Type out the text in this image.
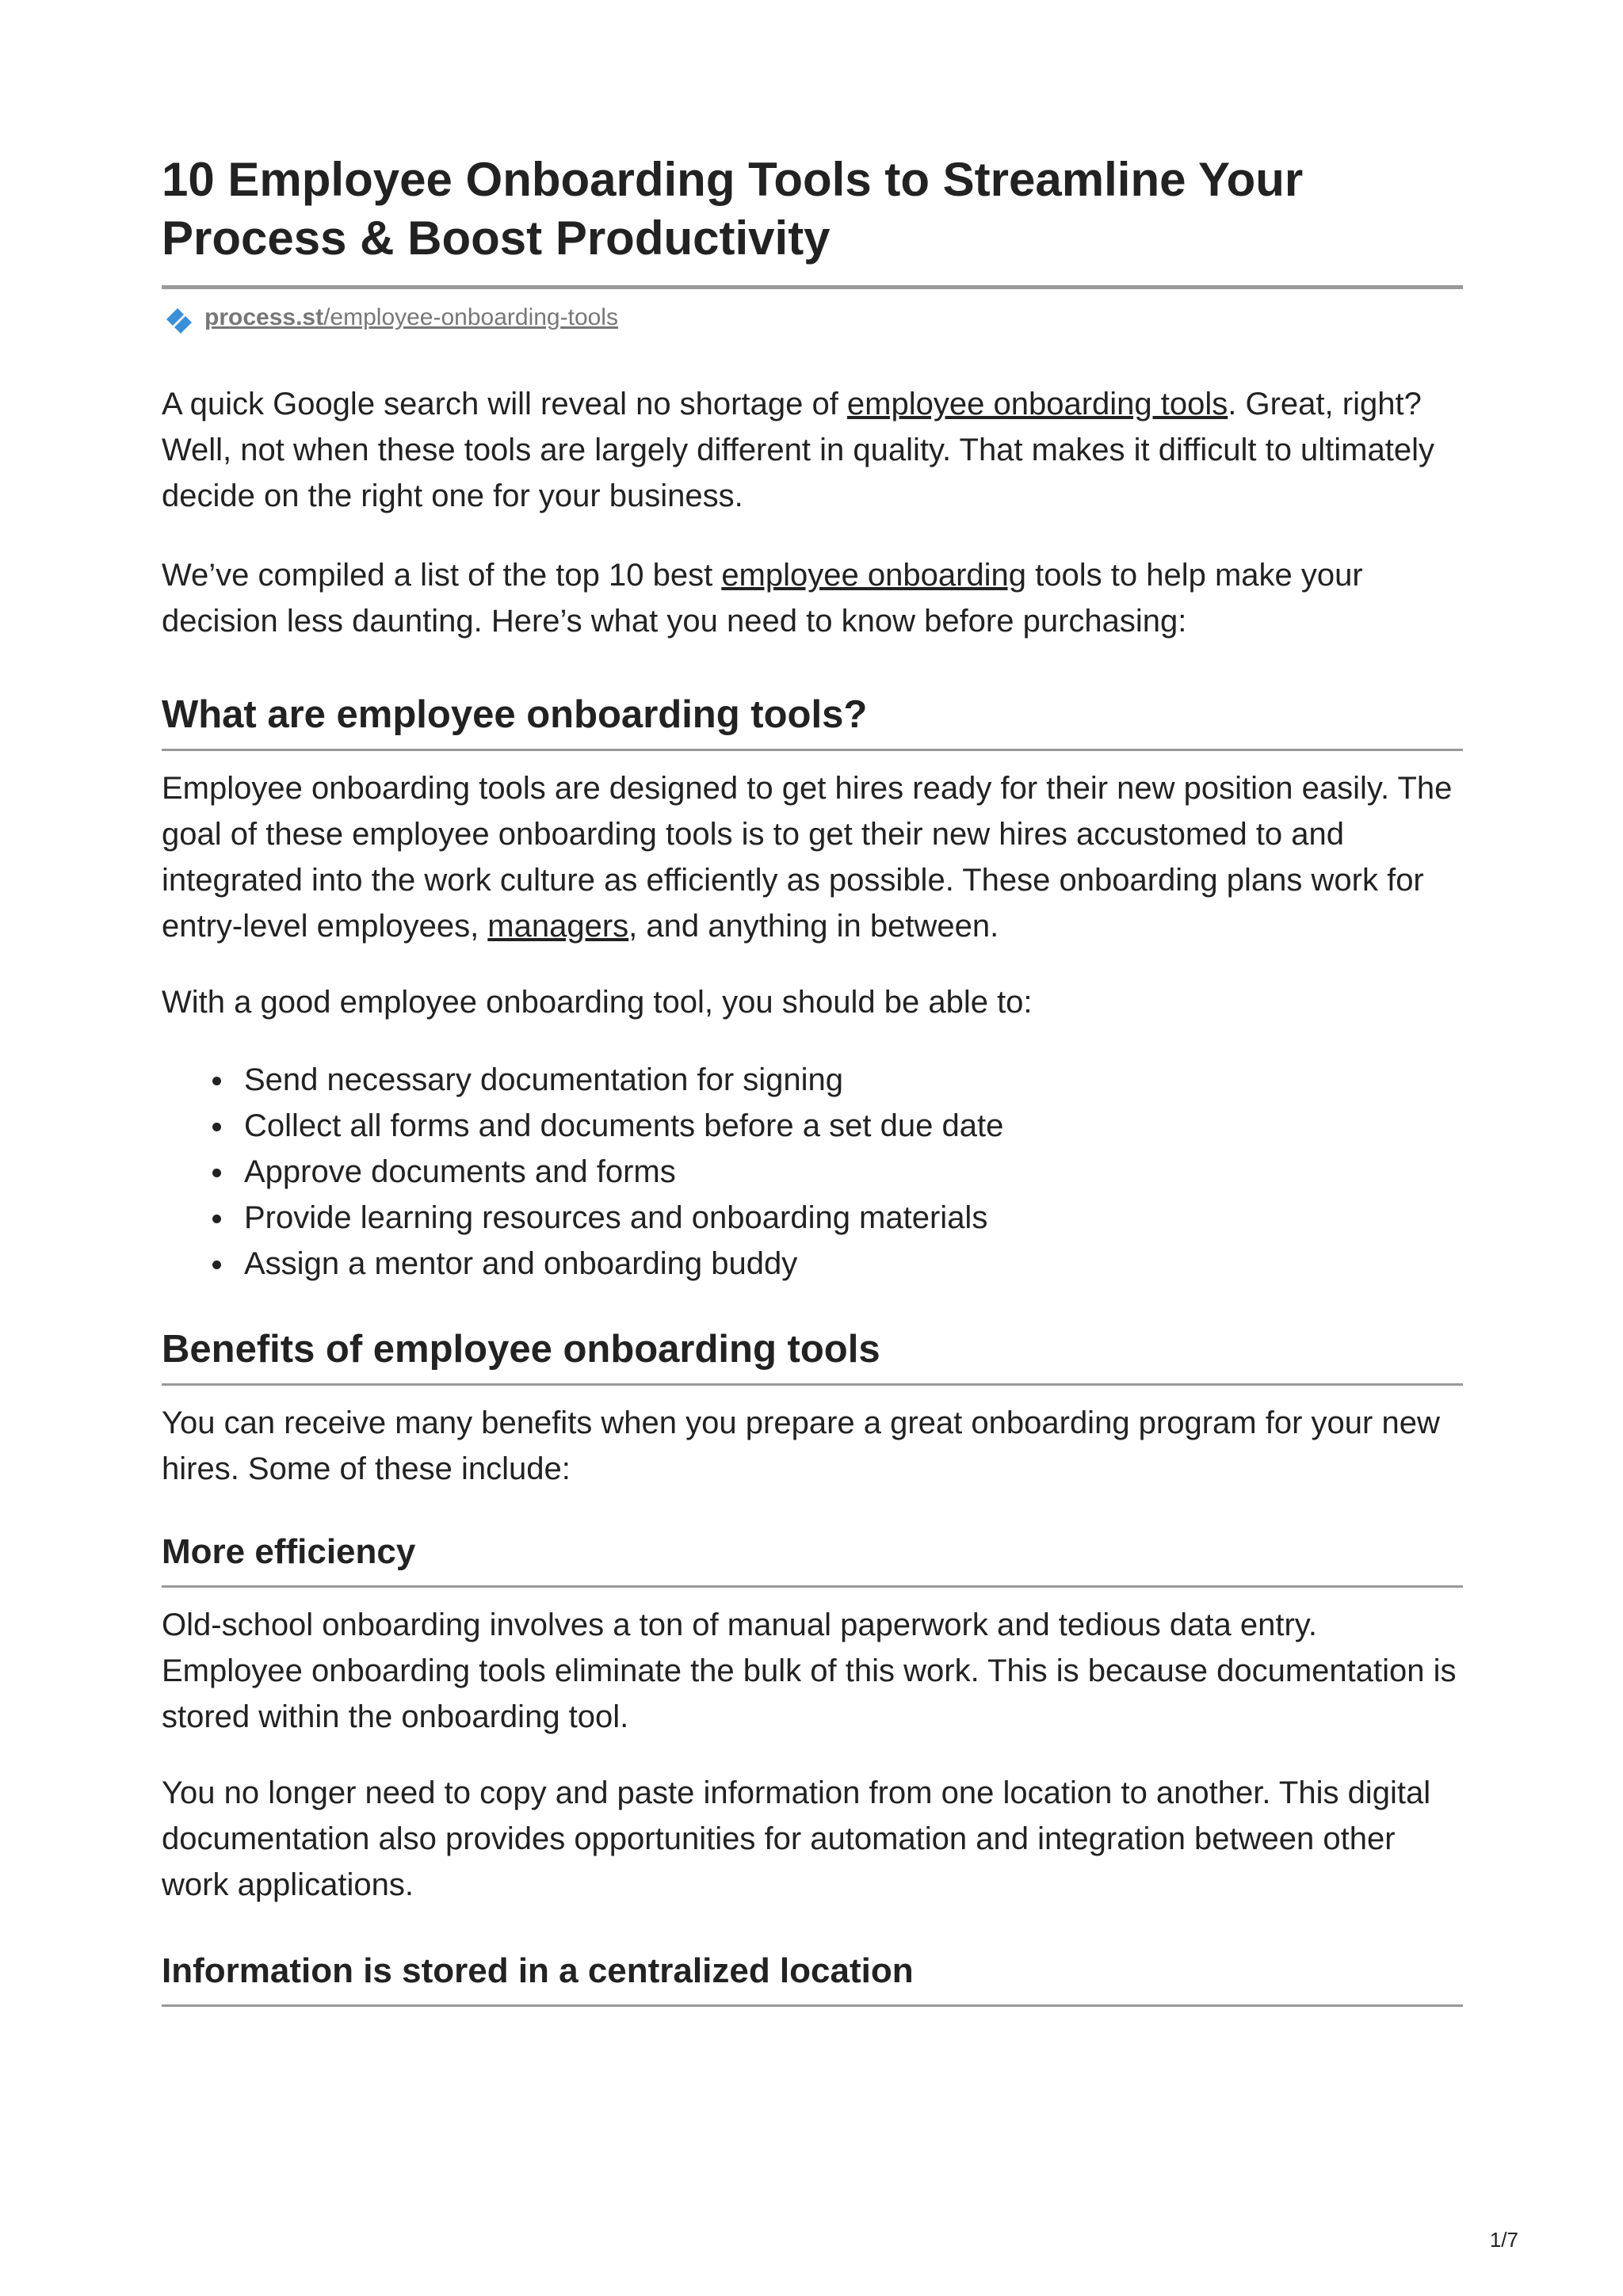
10 Employee Onboarding Tools to Streamline Your Process & Boost Productivity
process.st/employee-onboarding-tools

A quick Google search will reveal no shortage of employee onboarding tools. Great, right? Well, not when these tools are largely different in quality. That makes it difficult to ultimately decide on the right one for your business.

We’ve compiled a list of the top 10 best employee onboarding tools to help make your decision less daunting. Here’s what you need to know before purchasing:

What are employee onboarding tools?

Employee onboarding tools are designed to get hires ready for their new position easily. The goal of these employee onboarding tools is to get their new hires accustomed to and integrated into the work culture as efficiently as possible. These onboarding plans work for entry-level employees, managers, and anything in between.

With a good employee onboarding tool, you should be able to:

Send necessary documentation for signing
Collect all forms and documents before a set due date
Approve documents and forms
Provide learning resources and onboarding materials
Assign a mentor and onboarding buddy
Benefits of employee onboarding tools

You can receive many benefits when you prepare a great onboarding program for your new hires. Some of these include:

More efficiency

Old-school onboarding involves a ton of manual paperwork and tedious data entry. Employee onboarding tools eliminate the bulk of this work. This is because documentation is stored within the onboarding tool.

You no longer need to copy and paste information from one location to another. This digital documentation also provides opportunities for automation and integration between other work applications.

Information is stored in a centralized location
1/7
